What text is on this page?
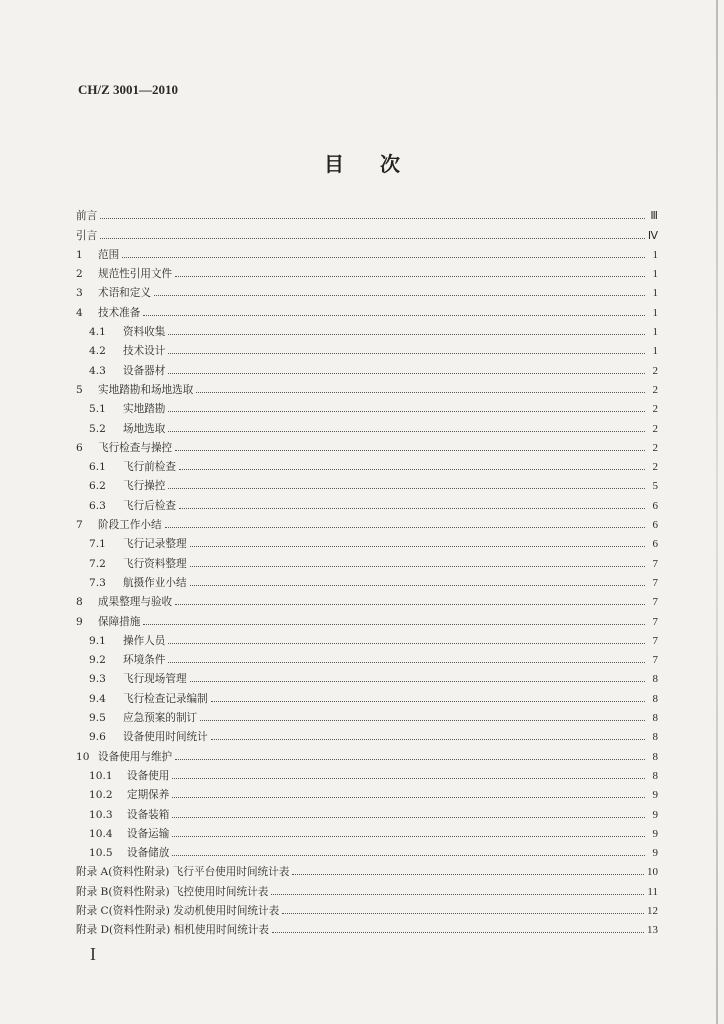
CH/Z 3001—2010
目次
前言	Ⅲ
引言	Ⅳ
1	范围	1
2	规范性引用文件	1
3	术语和定义	1
4	技术准备	1
4.1	资料收集	1
4.2	技术设计	1
4.3	设备器材	2
5	实地踏勘和场地选取	2
5.1	实地踏勘	2
5.2	场地选取	2
6	飞行检查与操控	2
6.1	飞行前检查	2
6.2	飞行操控	5
6.3	飞行后检查	6
7	阶段工作小结	6
7.1	飞行记录整理	6
7.2	飞行资料整理	7
7.3	航摄作业小结	7
8	成果整理与验收	7
9	保障措施	7
9.1	操作人员	7
9.2	环境条件	7
9.3	飞行现场管理	8
9.4	飞行检查记录编制	8
9.5	应急预案的制订	8
9.6	设备使用时间统计	8
10 设备使用与维护	8
10.1	设备使用	8
10.2	定期保养	9
10.3	设备装箱	9
10.4	设备运输	9
10.5	设备储放	9
附录 A(资料性附录) 飞行平台使用时间统计表	10
附录 B(资料性附录) 飞控使用时间统计表	11
附录 C(资料性附录) 发动机使用时间统计表	12
附录 D(资料性附录) 相机使用时间统计表	13
I
